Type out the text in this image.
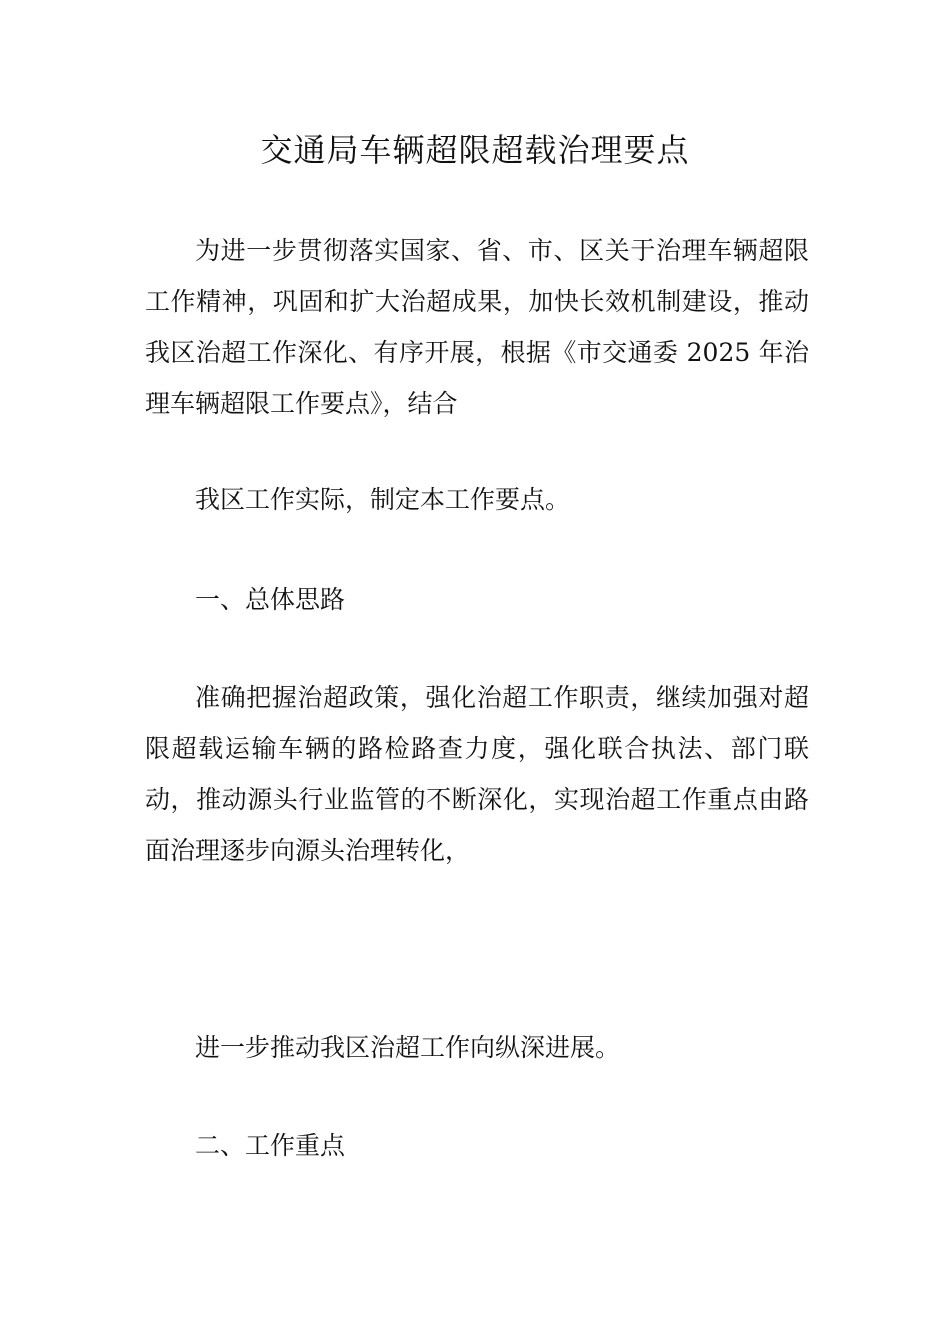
交通局车辆超限超载治理要点

为进一步贯彻落实国家、省、市、区关于治理车辆超限工作精神，巩固和扩大治超成果，加快长效机制建设，推动我区治超工作深化、有序开展，根据《市交通委 2025 年治理车辆超限工作要点》，结合

我区工作实际，制定本工作要点。

一、总体思路

准确把握治超政策，强化治超工作职责，继续加强对超限超载运输车辆的路检路查力度，强化联合执法、部门联动，推动源头行业监管的不断深化，实现治超工作重点由路面治理逐步向源头治理转化，

进一步推动我区治超工作向纵深进展。

二、工作重点
